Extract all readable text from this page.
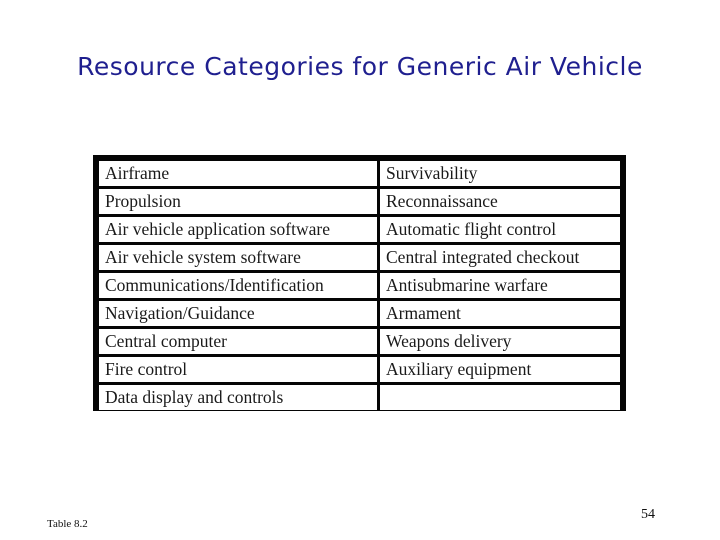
Resource Categories for Generic Air Vehicle
Airframe	Survivability
Propulsion	Reconnaissance
Air vehicle application software	Automatic flight control
Air vehicle system software	Central integrated checkout
Communications/Identification	Antisubmarine warfare
Navigation/Guidance	Armament
Central computer	Weapons delivery
Fire control	Auxiliary equipment
Data display and controls	
Table 8.2
54
